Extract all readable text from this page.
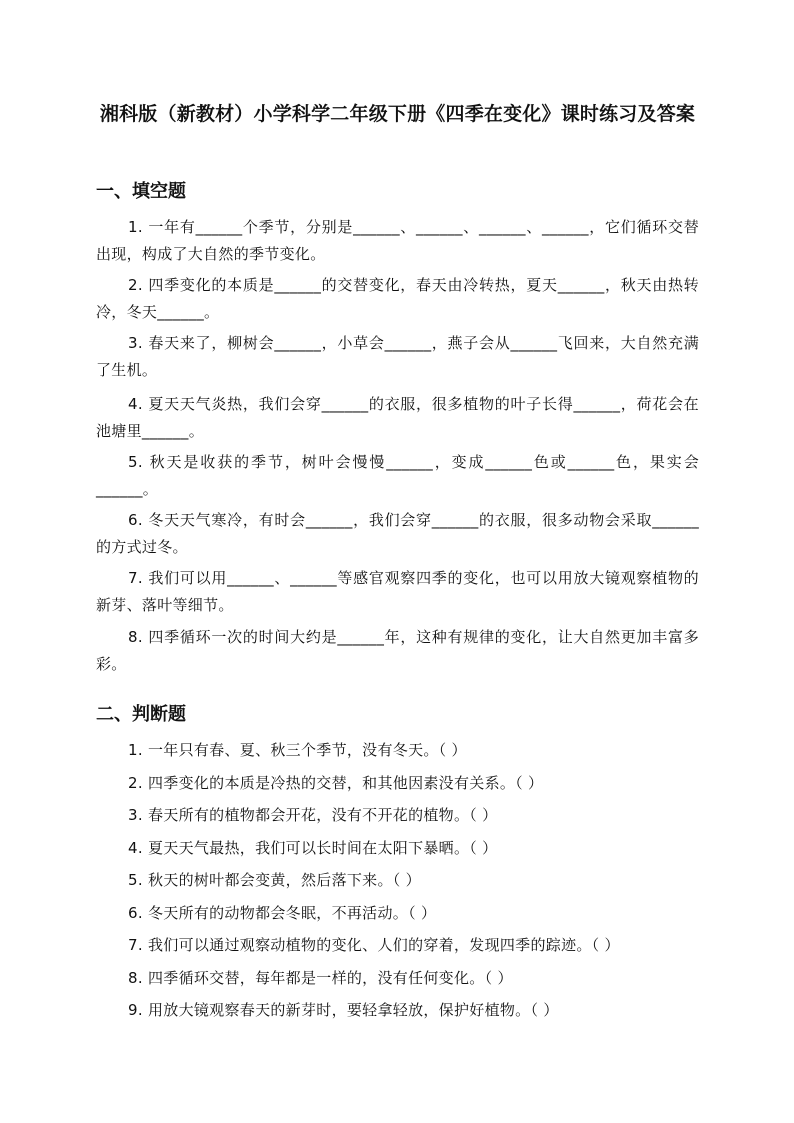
湘科版（新教材）小学科学二年级下册《四季在变化》课时练习及答案
一、填空题

1. 一年有______个季节，分别是______、______、______、______，它们循环交替出现，构成了大自然的季节变化。

2. 四季变化的本质是______的交替变化，春天由冷转热，夏天______，秋天由热转冷，冬天______。

3. 春天来了，柳树会______，小草会______，燕子会从______飞回来，大自然充满了生机。

4. 夏天天气炎热，我们会穿______的衣服，很多植物的叶子长得______，荷花会在池塘里______。

5. 秋天是收获的季节，树叶会慢慢______，变成______色或______色，果实会______。

6. 冬天天气寒冷，有时会______，我们会穿______的衣服，很多动物会采取______的方式过冬。

7. 我们可以用______、______等感官观察四季的变化，也可以用放大镜观察植物的新芽、落叶等细节。

8. 四季循环一次的时间大约是______年，这种有规律的变化，让大自然更加丰富多彩。

二、判断题

1. 一年只有春、夏、秋三个季节，没有冬天。（ ）

2. 四季变化的本质是冷热的交替，和其他因素没有关系。（ ）

3. 春天所有的植物都会开花，没有不开花的植物。（ ）

4. 夏天天气最热，我们可以长时间在太阳下暴晒。（ ）

5. 秋天的树叶都会变黄，然后落下来。（ ）

6. 冬天所有的动物都会冬眠，不再活动。（ ）

7. 我们可以通过观察动植物的变化、人们的穿着，发现四季的踪迹。（ ）

8. 四季循环交替，每年都是一样的，没有任何变化。（ ）

9. 用放大镜观察春天的新芽时，要轻拿轻放，保护好植物。（ ）
